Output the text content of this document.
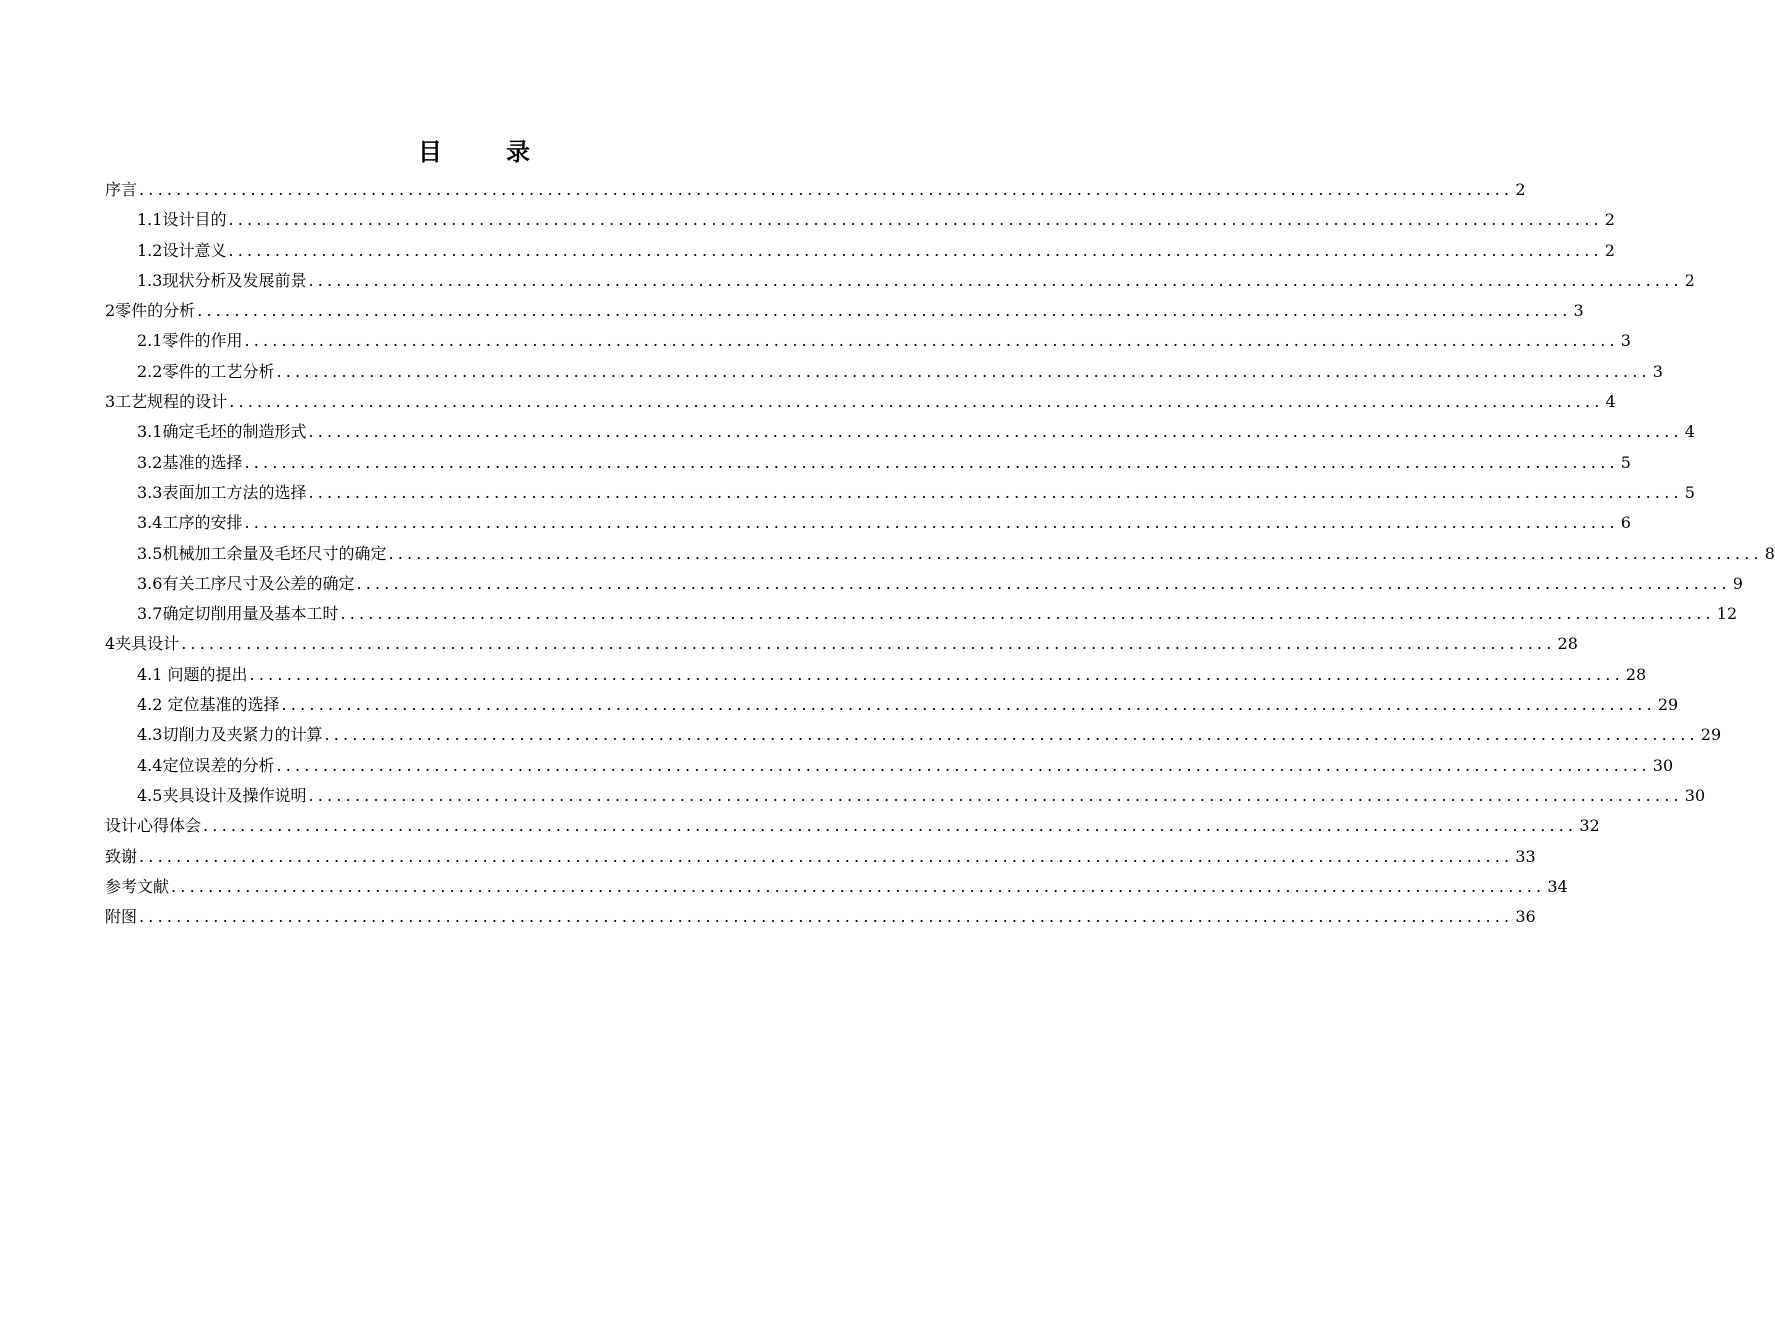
目	录
序言 .................................................................................................................................................... 2
1.1设计目的 .................................................................................................................................................... 2
1.2设计意义 .................................................................................................................................................... 2
1.3现状分析及发展前景 .................................................................................................................................................... 2
2零件的分析 .................................................................................................................................................... 3
2.1零件的作用 .................................................................................................................................................... 3
2.2零件的工艺分析 .................................................................................................................................................... 3
3工艺规程的设计 .................................................................................................................................................... 4
3.1确定毛坯的制造形式 .................................................................................................................................................... 4
3.2基准的选择 .................................................................................................................................................... 5
3.3表面加工方法的选择 .................................................................................................................................................... 5
3.4工序的安排 .................................................................................................................................................... 6
3.5机械加工余量及毛坯尺寸的确定 .................................................................................................................................................... 8
3.6有关工序尺寸及公差的确定 .................................................................................................................................................... 9
3.7确定切削用量及基本工时 .................................................................................................................................................... 12
4夹具设计 .................................................................................................................................................... 28
4.1 问题的提出 .................................................................................................................................................... 28
4.2 定位基准的选择 .................................................................................................................................................... 29
4.3切削力及夹紧力的计算 .................................................................................................................................................... 29
4.4定位误差的分析 .................................................................................................................................................... 30
4.5夹具设计及操作说明 .................................................................................................................................................... 30
设计心得体会 .................................................................................................................................................... 32
致谢 .................................................................................................................................................... 33
参考文献 .................................................................................................................................................... 34
附图 .................................................................................................................................................... 36
